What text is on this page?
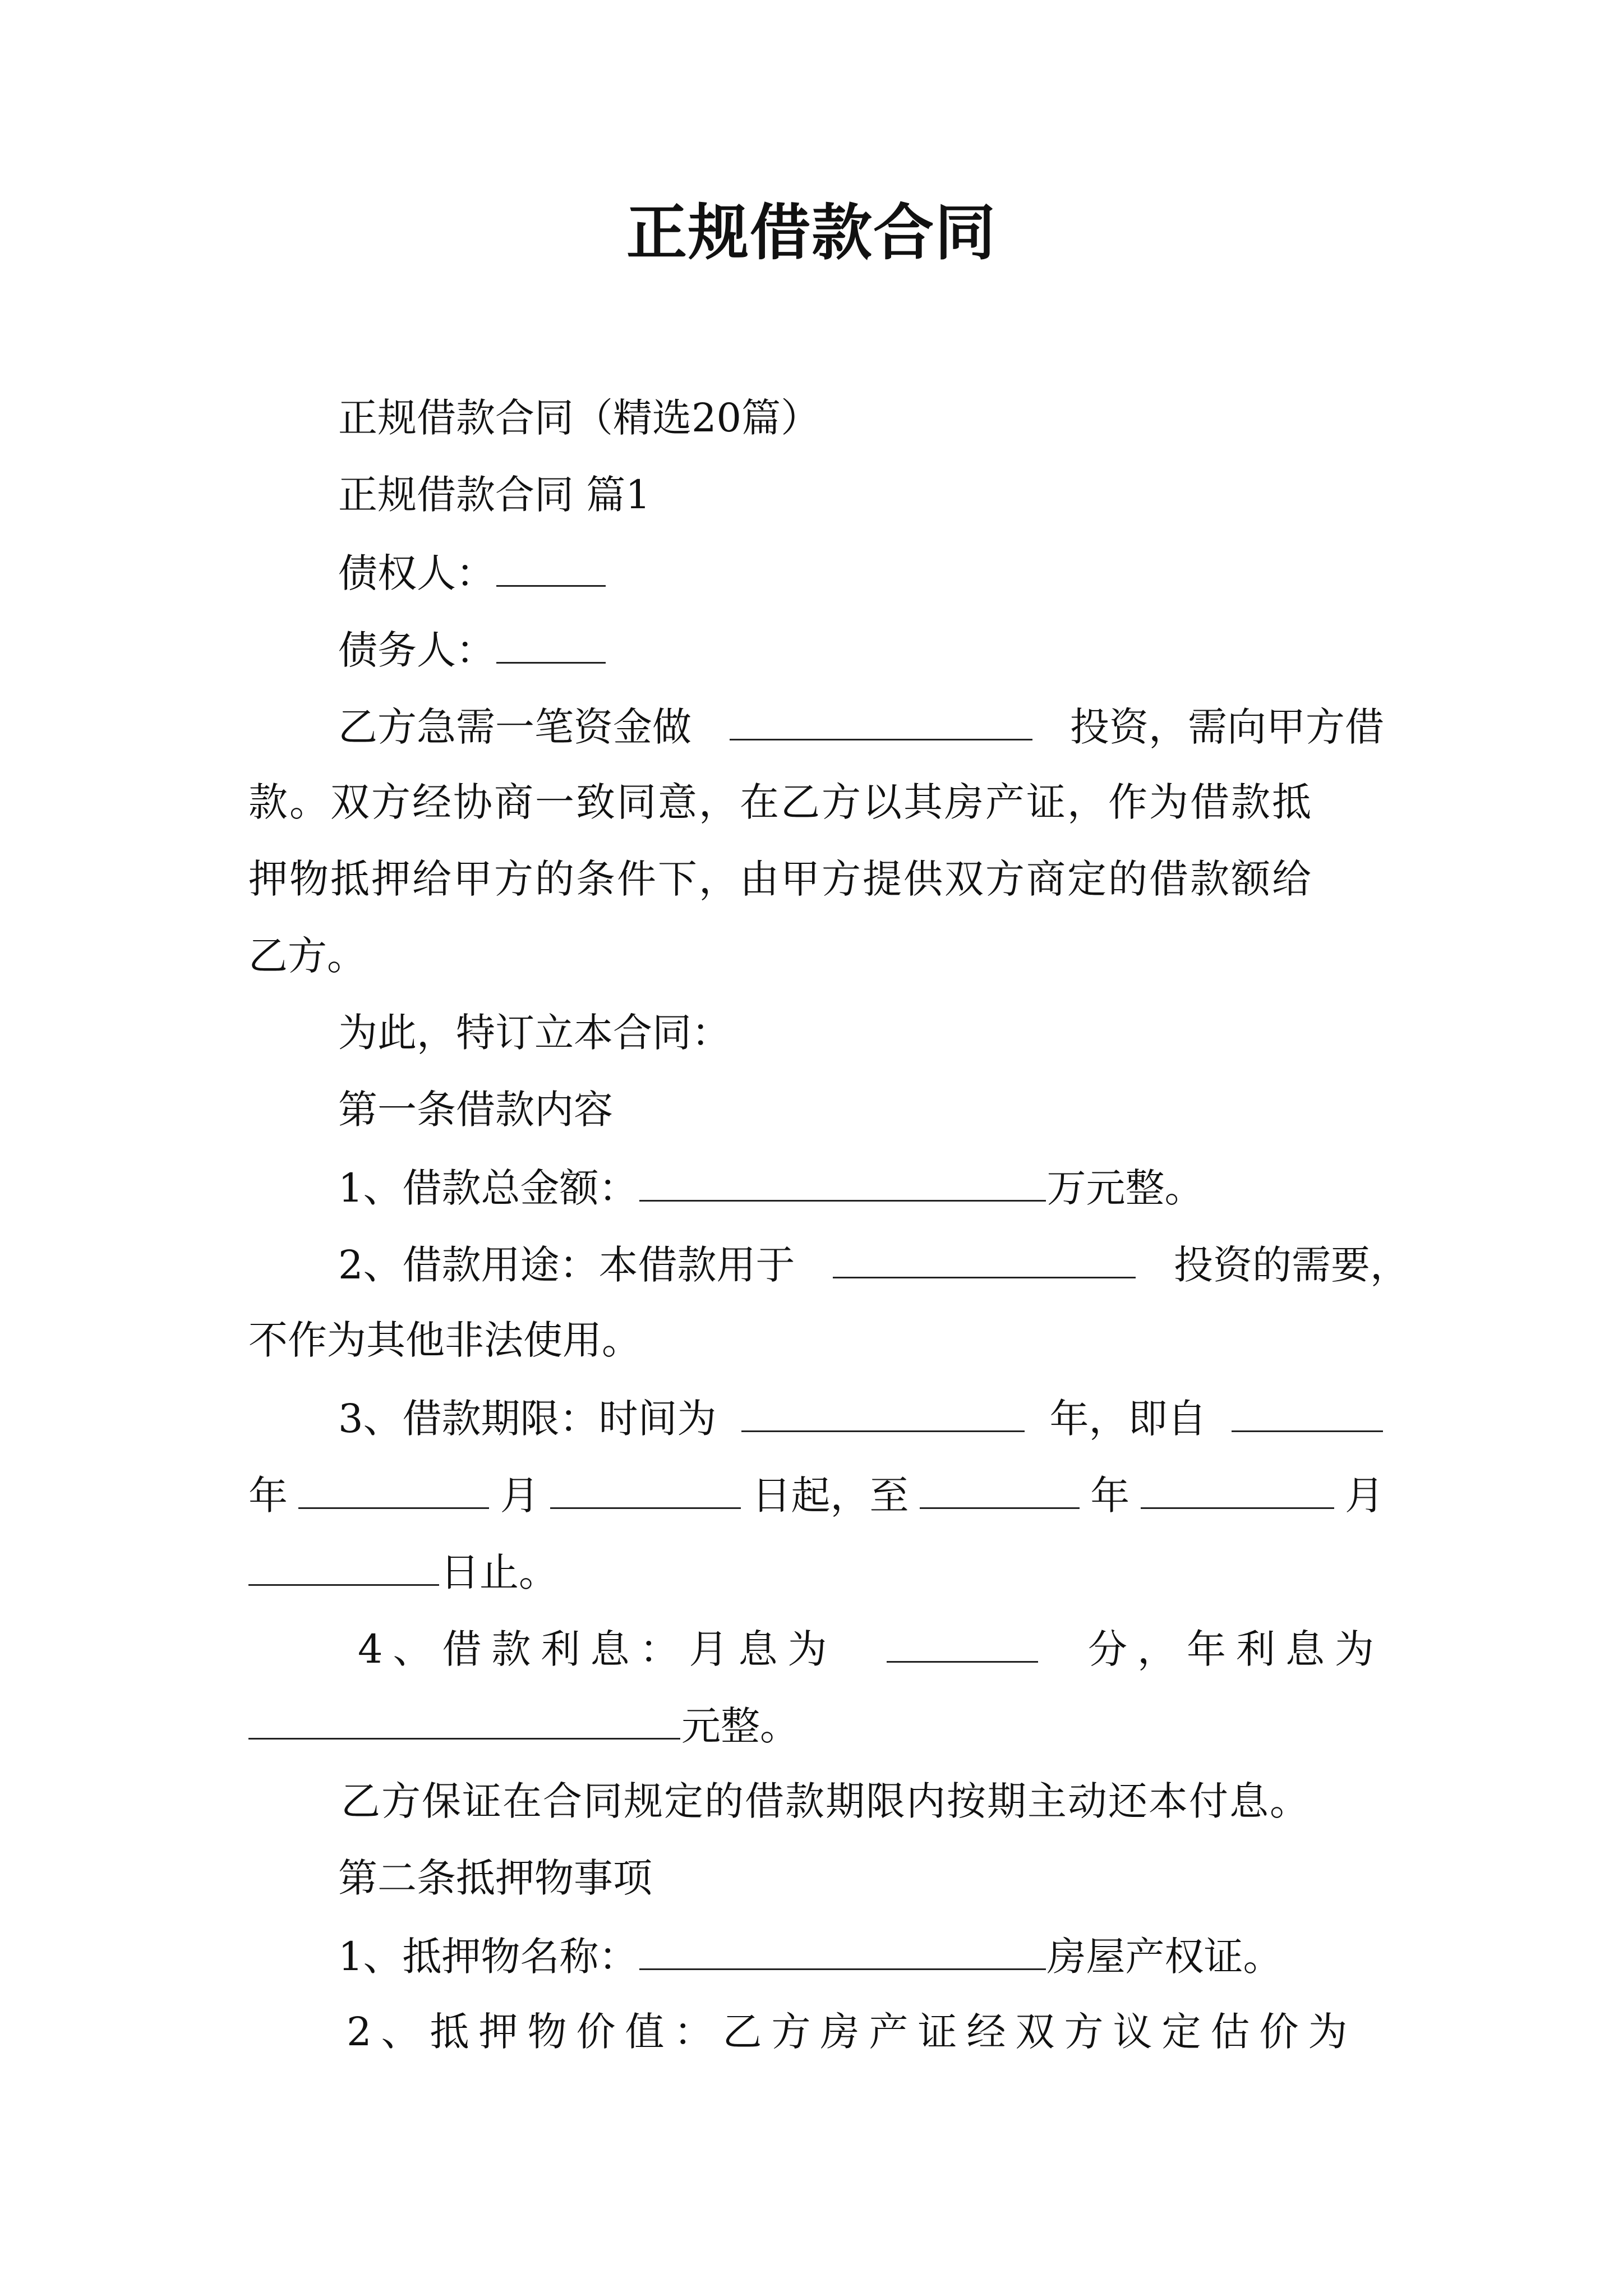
正规借款合同
正规借款合同（精选20篇）
正规借款合同 篇1
债权人：
债务人：
乙方急需一笔资金做	投资，需向甲方借
款。双方经协商一致同意，在乙方以其房产证，作为借款抵
押物抵押给甲方的条件下，由甲方提供双方商定的借款额给
乙方。
为此，特订立本合同：
第一条借款内容
1、借款总金额：	万元整。
2、借款用途：本借款用于	投资的需要，
不作为其他非法使用。
3、借款期限：时间为	年，即自
年	月	日起，至	年	月
日止。
4、借款利息：月息为	分，年利息为
元整。
乙方保证在合同规定的借款期限内按期主动还本付息。
第二条抵押物事项
1、抵押物名称：	房屋产权证。
2、抵押物价值：乙方房产证经双方议定估价为
